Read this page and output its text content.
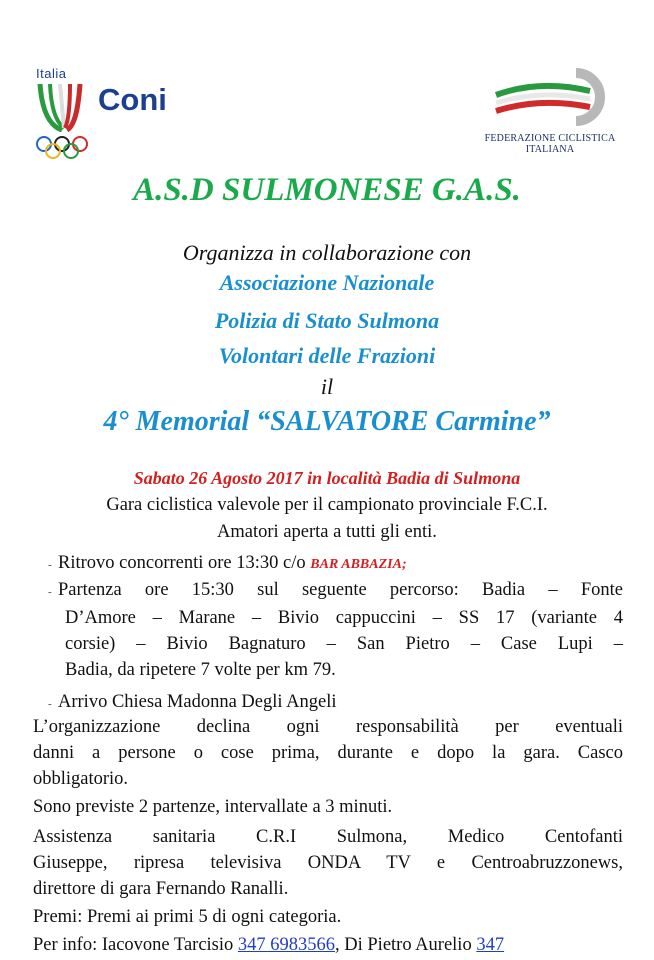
Italia
Coni
FEDERAZIONE CICLISTICA
ITALIANA
A.S.D SULMONESE G.A.S.
Organizza in collaborazione con
Associazione Nazionale
Polizia di Stato Sulmona
Volontari delle Frazioni
il
4° Memorial “SALVATORE Carmine”
Sabato 26 Agosto 2017 in località Badia di Sulmona
Gara ciclistica valevole per il campionato provinciale F.C.I.
Amatori aperta a tutti gli enti.
- Ritrovo concorrenti ore 13:30 c/o BAR ABBAZIA;
- Partenza ore 15:30 sul seguente percorso: Badia – Fonte
D’Amore – Marane – Bivio cappuccini – SS 17 (variante 4
corsie) – Bivio Bagnaturo – San Pietro – Case Lupi –
Badia, da ripetere 7 volte per km 79.
- Arrivo Chiesa Madonna Degli Angeli
L’organizzazione declina ogni responsabilità per eventuali
danni a persone o cose prima, durante e dopo la gara. Casco
obbligatorio.
Sono previste 2 partenze, intervallate a 3 minuti.
Assistenza sanitaria C.R.I Sulmona, Medico Centofanti
Giuseppe, ripresa televisiva ONDA TV e Centroabruzzonews,
direttore di gara Fernando Ranalli.
Premi: Premi ai primi 5 di ogni categoria.
Per info: Iacovone Tarcisio 347 6983566, Di Pietro Aurelio 347
